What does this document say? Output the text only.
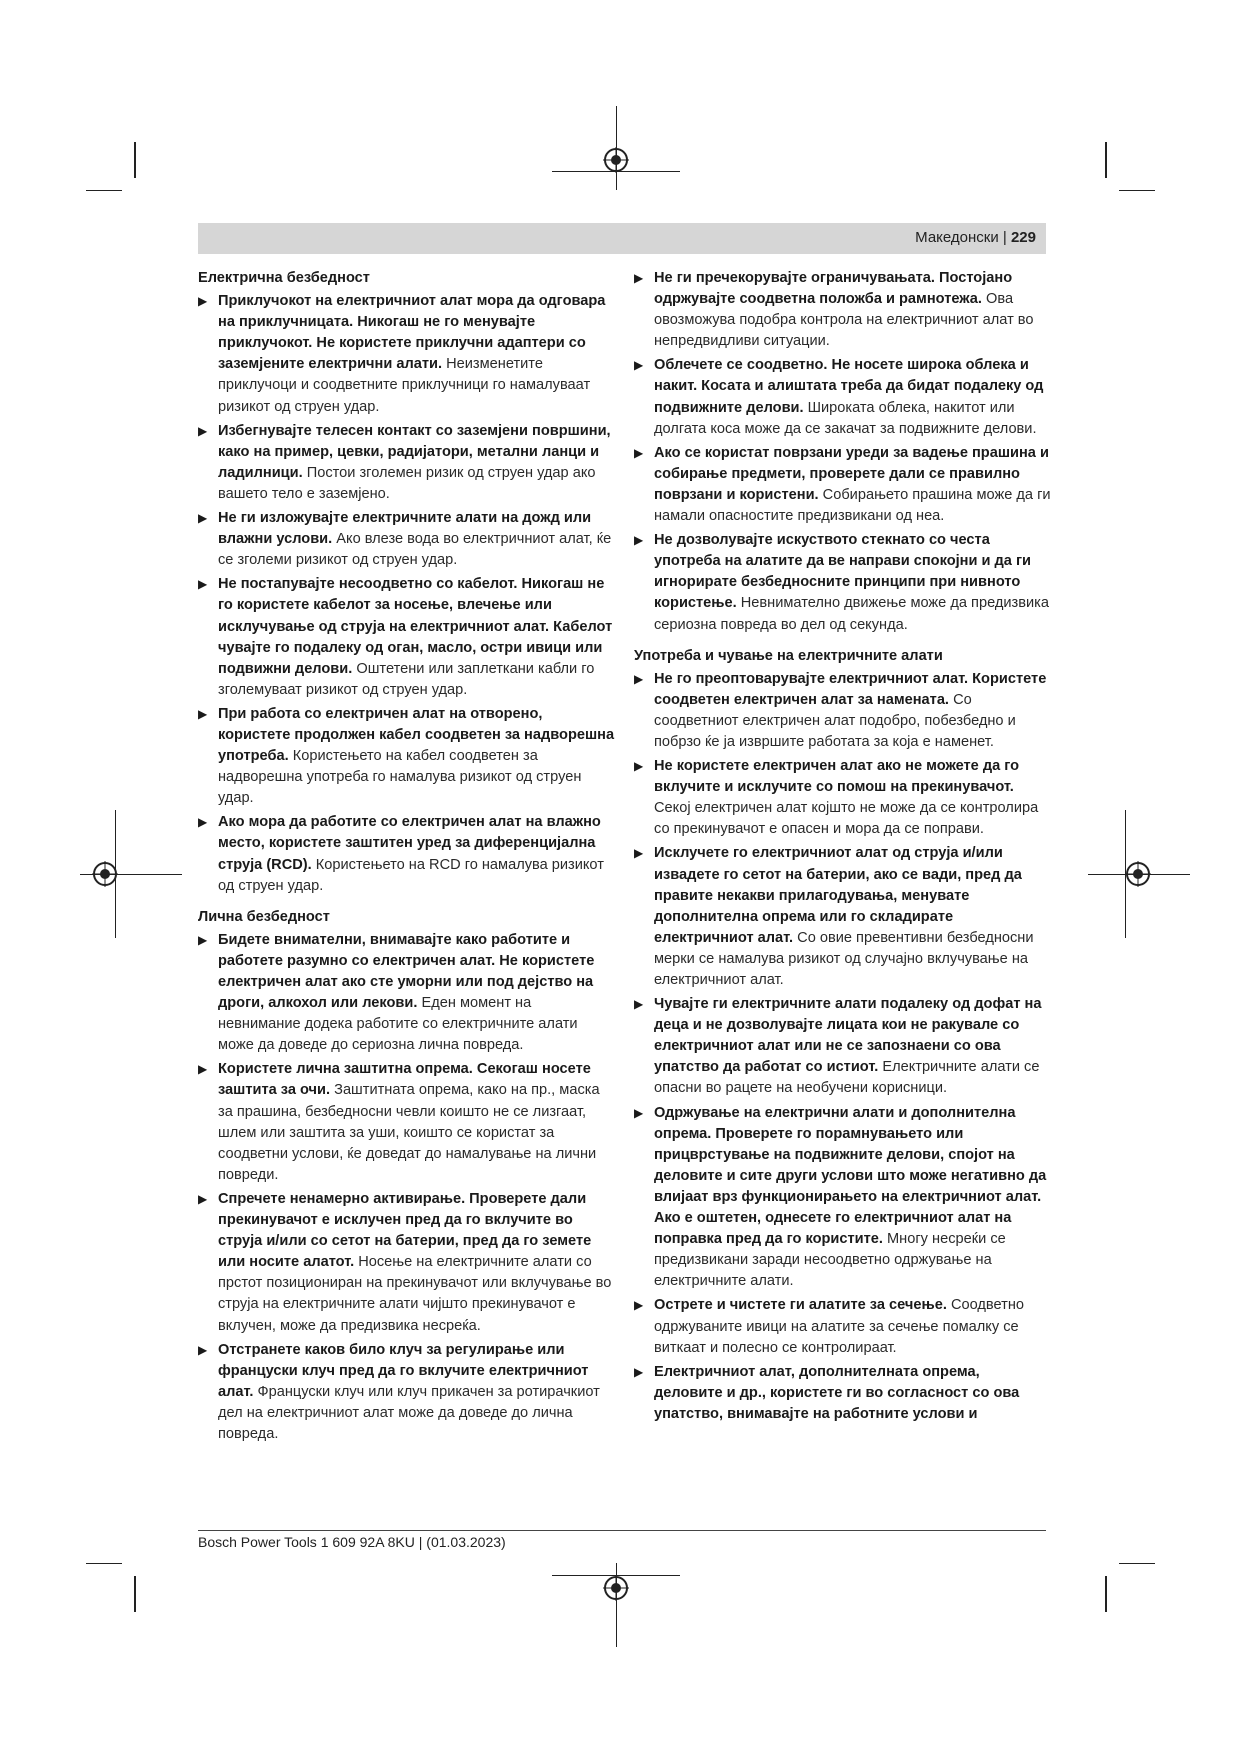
Македонски | 229
Електрична безбедност
▶ Приклучокот на електричниот алат мора да одговара на приклучницата. Никогаш не го менувајте приклучокот. Не користете приклучни адаптери со заземјените електрични алати. Неизменетите приклучоци и соодветните приклучници го намалуваат ризикот од струен удар.
▶ Избегнувајте телесен контакт со заземјени површини, како на пример, цевки, радијатори, метални ланци и ладилници. Постои зголемен ризик од струен удар ако вашето тело е заземјено.
▶ Не ги изложувајте електричните алати на дожд или влажни услови. Ако влезе вода во електричниот алат, ќе се зголеми ризикот од струен удар.
▶ Не постапувајте несоодветно со кабелот. Никогаш не го користете кабелот за носење, влечење или исклучување од струја на електричниот алат. Кабелот чувајте го подалеку од оган, масло, остри ивици или подвижни делови. Оштетени или заплеткани кабли го зголемуваат ризикот од струен удар.
▶ При работа со електричен алат на отворено, користете продолжен кабел соодветен за надворешна употреба. Користењето на кабел соодветен за надворешна употреба го намалува ризикот од струен удар.
▶ Ако мора да работите со електричен алат на влажно место, користете заштитен уред за диференцијална струја (RCD). Користењето на RCD го намалува ризикот од струен удар.
Лична безбедност
▶ Бидете внимателни, внимавајте како работите и работете разумно со електричен алат. Не користете електричен алат ако сте уморни или под дејство на дроги, алкохол или лекови. Еден момент на невнимание додека работите со електричните алати може да доведе до сериозна лична повреда.
▶ Користете лична заштитна опрема. Секогаш носете заштита за очи. Заштитната опрема, како на пр., маска за прашина, безбедносни чевли коишто не се лизгаат, шлем или заштита за уши, коишто се користат за соодветни услови, ќе доведат до намалување на лични повреди.
▶ Спречете ненамерно активирање. Проверете дали прекинувачот е исклучен пред да го вклучите во струја и/или со сетот на батерии, пред да го земете или носите алатот. Носење на електричните алати со прстот позициониран на прекинувачот или вклучување во струја на електричните алати чијшто прекинувачот е вклучен, може да предизвика несреќа.
▶ Отстранете каков било клуч за регулирање или француски клуч пред да го вклучите електричниот алат. Француски клуч или клуч прикачен за ротирачкиот дел на електричниот алат може да доведе до лична повреда.
▶ Не ги пречекорувајте ограничувањата. Постојано одржувајте соодветна положба и рамнотежа. Ова овозможува подобра контрола на електричниот алат во непредвидливи ситуации.
▶ Облечете се соодветно. Не носете широка облека и накит. Косата и алиштата треба да бидат подалеку од подвижните делови. Широката облека, накитот или долгата коса може да се закачат за подвижните делови.
▶ Ако се користат поврзани уреди за вадење прашина и собирање предмети, проверете дали се правилно поврзани и користени. Собирањето прашина може да ги намали опасностите предизвикани од неа.
▶ Не дозволувајте искуството стекнато со честа употреба на алатите да ве направи спокојни и да ги игнорирате безбедносните принципи при нивното користење. Невнимателно движење може да предизвика сериозна повреда во дел од секунда.
Употреба и чување на електричните алати
▶ Не го преоптоварувајте електричниот алат. Користете соодветен електричен алат за намената. Со соодветниот електричен алат подобро, побезбедно и побрзо ќе ја извршите работата за која е наменет.
▶ Не користете електричен алат ако не можете да го вклучите и исклучите со помош на прекинувачот. Секој електричен алат којшто не може да се контролира со прекинувачот е опасен и мора да се поправи.
▶ Исклучете го електричниот алат од струја и/или извадете го сетот на батерии, ако се вади, пред да правите некакви прилагодувања, менувате дополнителна опрема или го складирате електричниот алат. Со овие превентивни безбедносни мерки се намалува ризикот од случајно вклучување на електричниот алат.
▶ Чувајте ги електричните алати подалеку од дофат на деца и не дозволувајте лицата кои не ракувале со електричниот алат или не се запознаени со ова упатство да работат со истиот. Електричните алати се опасни во рацете на необучени корисници.
▶ Одржување на електрични алати и дополнителна опрема. Проверете го порамнувањето или прицврстување на подвижните делови, спојот на деловите и сите други услови што може негативно да влијаат врз функционирањето на електричниот алат. Ако е оштетен, однесете го електричниот алат на поправка пред да го користите. Многу несреќи се предизвикани заради несоодветно одржување на електричните алати.
▶ Острете и чистете ги алатите за сечење. Соодветно одржуваните ивици на алатите за сечење помалку се виткаат и полесно се контролираат.
▶ Електричниот алат, дополнителната опрема, деловите и др., користете ги во согласност со ова упатство, внимавајте на работните услови и
Bosch Power Tools 1 609 92A 8KU | (01.03.2023)
